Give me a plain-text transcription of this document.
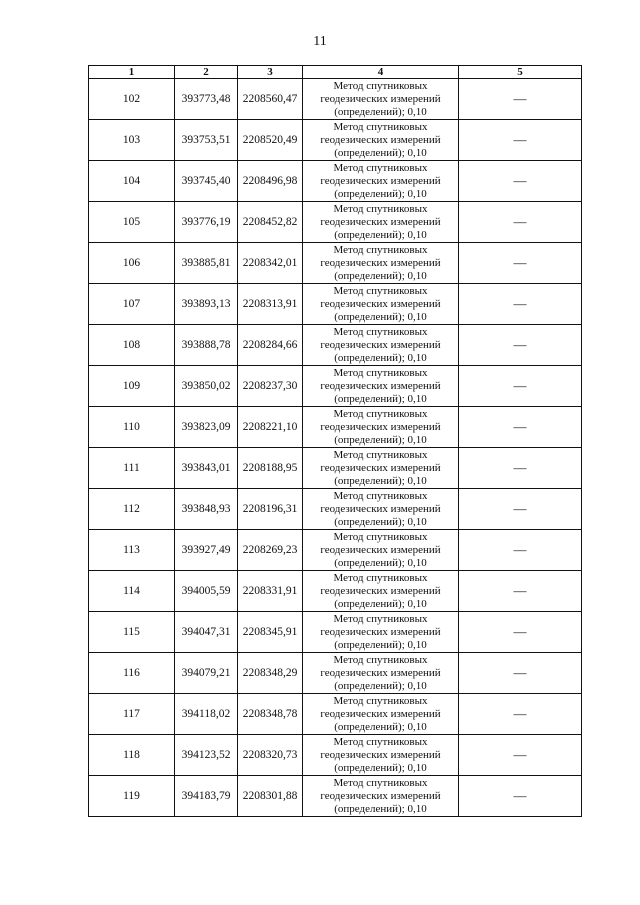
11
1	2	3	4	5
102	393773,48	2208560,47	Метод спутниковых геодезических измерений (определений); 0,10	—
103	393753,51	2208520,49	Метод спутниковых геодезических измерений (определений); 0,10	—
104	393745,40	2208496,98	Метод спутниковых геодезических измерений (определений); 0,10	—
105	393776,19	2208452,82	Метод спутниковых геодезических измерений (определений); 0,10	—
106	393885,81	2208342,01	Метод спутниковых геодезических измерений (определений); 0,10	—
107	393893,13	2208313,91	Метод спутниковых геодезических измерений (определений); 0,10	—
108	393888,78	2208284,66	Метод спутниковых геодезических измерений (определений); 0,10	—
109	393850,02	2208237,30	Метод спутниковых геодезических измерений (определений); 0,10	—
110	393823,09	2208221,10	Метод спутниковых геодезических измерений (определений); 0,10	—
111	393843,01	2208188,95	Метод спутниковых геодезических измерений (определений); 0,10	—
112	393848,93	2208196,31	Метод спутниковых геодезических измерений (определений); 0,10	—
113	393927,49	2208269,23	Метод спутниковых геодезических измерений (определений); 0,10	—
114	394005,59	2208331,91	Метод спутниковых геодезических измерений (определений); 0,10	—
115	394047,31	2208345,91	Метод спутниковых геодезических измерений (определений); 0,10	—
116	394079,21	2208348,29	Метод спутниковых геодезических измерений (определений); 0,10	—
117	394118,02	2208348,78	Метод спутниковых геодезических измерений (определений); 0,10	—
118	394123,52	2208320,73	Метод спутниковых геодезических измерений (определений); 0,10	—
119	394183,79	2208301,88	Метод спутниковых геодезических измерений (определений); 0,10	—
